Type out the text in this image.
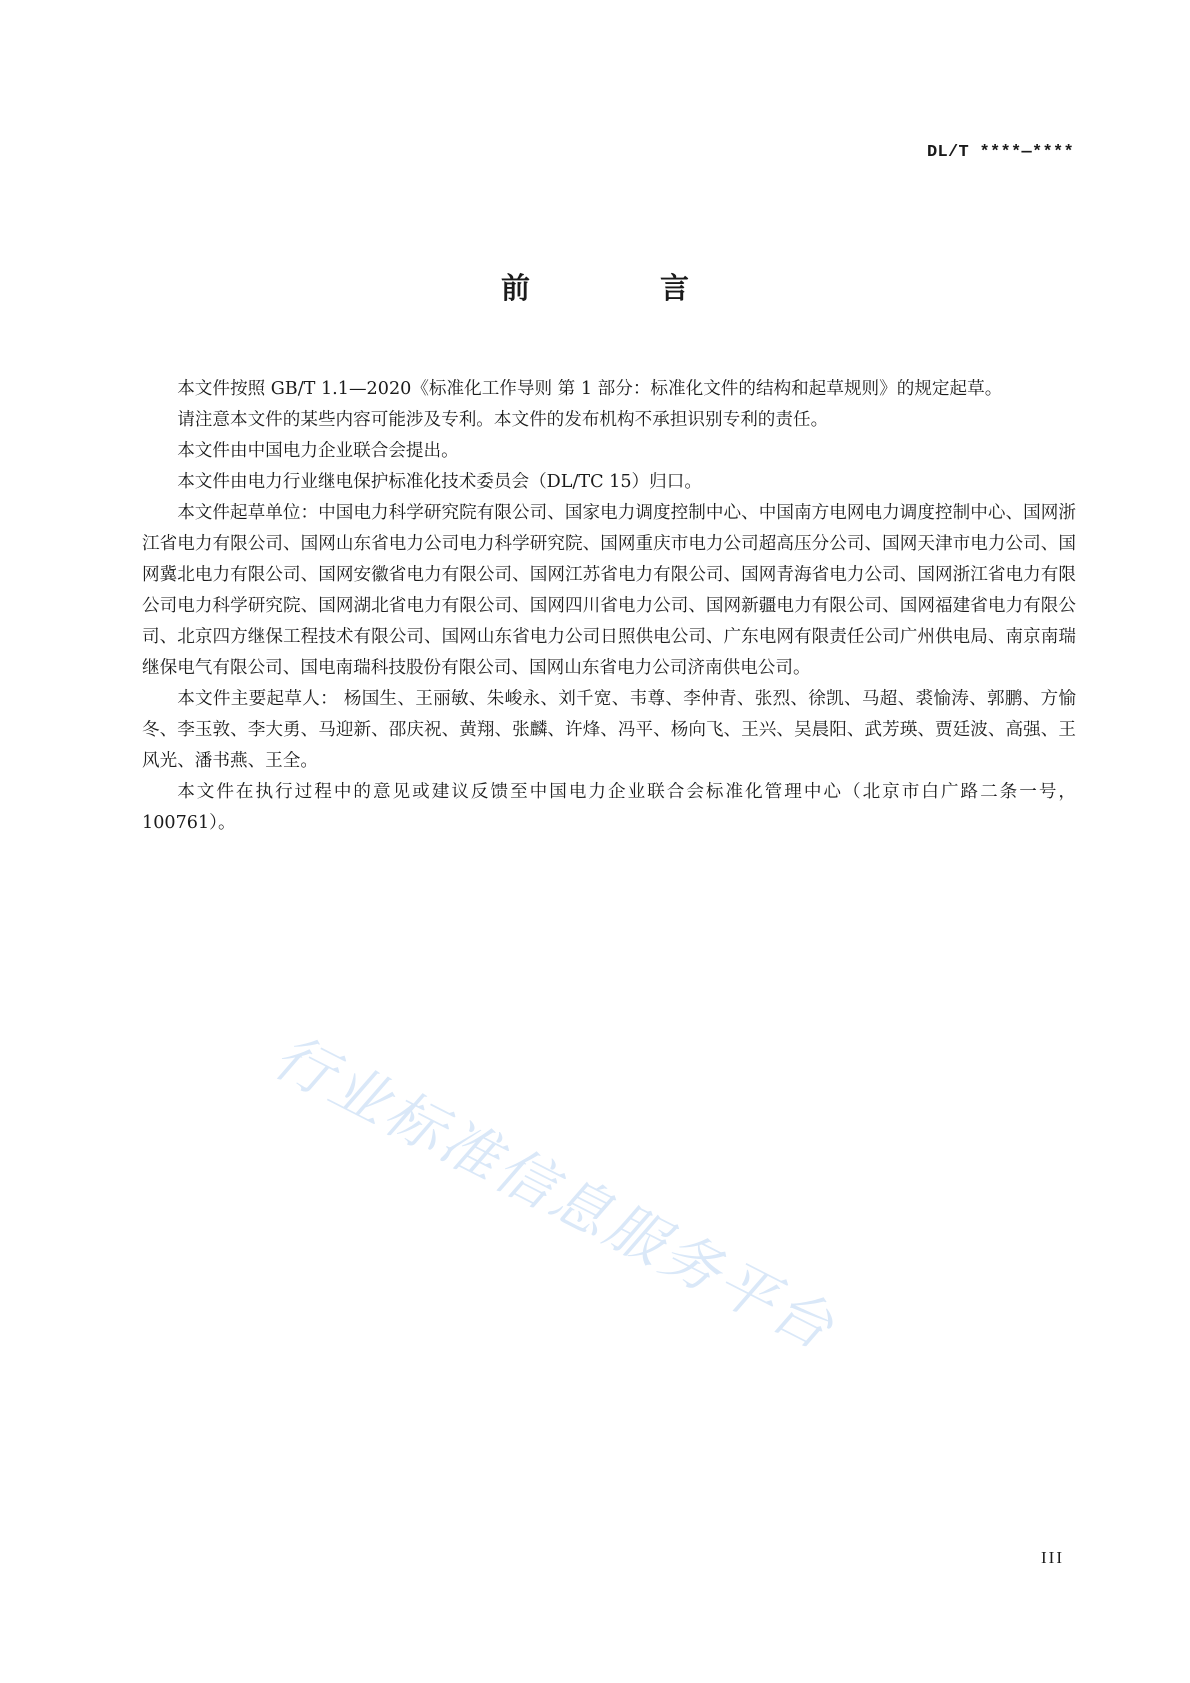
DL/T ****—****
前 言

本文件按照 GB/T 1.1—2020《标准化工作导则 第 1 部分：标准化文件的结构和起草规则》的规定起草。

请注意本文件的某些内容可能涉及专利。本文件的发布机构不承担识别专利的责任。

本文件由中国电力企业联合会提出。

本文件由电力行业继电保护标准化技术委员会（DL/TC 15）归口。

本文件起草单位：中国电力科学研究院有限公司、国家电力调度控制中心、中国南方电网电力调度控制中心、国网浙江省电力有限公司、国网山东省电力公司电力科学研究院、国网重庆市电力公司超高压分公司、国网天津市电力公司、国网冀北电力有限公司、国网安徽省电力有限公司、国网江苏省电力有限公司、国网青海省电力公司、国网浙江省电力有限公司电力科学研究院、国网湖北省电力有限公司、国网四川省电力公司、国网新疆电力有限公司、国网福建省电力有限公司、北京四方继保工程技术有限公司、国网山东省电力公司日照供电公司、广东电网有限责任公司广州供电局、南京南瑞继保电气有限公司、国电南瑞科技股份有限公司、国网山东省电力公司济南供电公司。

本文件主要起草人： 杨国生、王丽敏、朱峻永、刘千宽、韦尊、李仲青、张烈、徐凯、马超、裘愉涛、郭鹏、方愉冬、李玉敦、李大勇、马迎新、邵庆祝、黄翔、张麟、许烽、冯平、杨向飞、王兴、吴晨阳、武芳瑛、贾廷波、高强、王风光、潘书燕、王全。

本文件在执行过程中的意见或建议反馈至中国电力企业联合会标准化管理中心（北京市白广路二条一号，100761）。

行业标准信息服务平台
III
